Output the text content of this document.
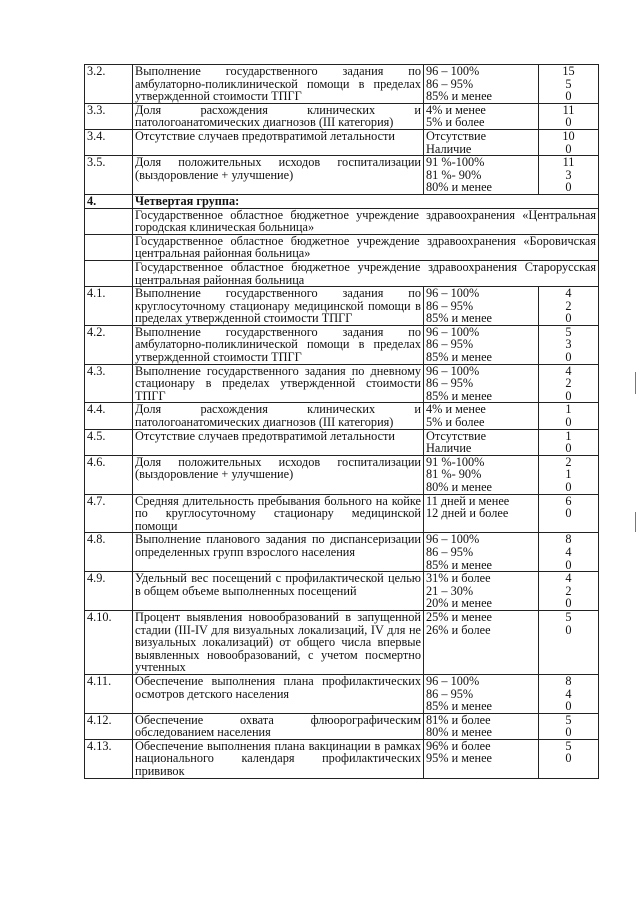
3.2.	Выполнение государственного задания по амбулаторно-поликлинической помощи в пределах утвержденной стоимости ТПГГ	96 – 100%
86 – 95%
85% и менее	15
5
0

3.3.	Доля расхождения клинических и патологоанатомических диагнозов (III категория)	4% и менее
5% и более	11
0

3.4.	Отсутствие случаев предотвратимой летальности	Отсутствие
Наличие	10
0

3.5.	Доля положительных исходов госпитализации (выздоровление + улучшение)	91 %-100%
81 %- 90%
80% и менее	11
3
0

4.	Четвертая группа:		

	Государственное областное бюджетное учреждение здравоохранения «Центральная городская клиническая больница»		

	Государственное областное бюджетное учреждение здравоохранения «Боровичская центральная районная больница»		

	Государственное областное бюджетное учреждение здравоохранения Старорусская центральная районная больница		

4.1.	Выполнение государственного задания по круглосуточному стационару медицинской помощи в пределах утвержденной стоимости ТПГГ	96 – 100%
86 – 95%
85% и менее	4
2
0

4.2.	Выполнение государственного задания по амбулаторно-поликлинической помощи в пределах утвержденной стоимости ТПГГ	96 – 100%
86 – 95%
85% и менее	5
3
0

4.3.	Выполнение государственного задания по дневному стационару в пределах утвержденной стоимости ТПГГ	96 – 100%
86 – 95%
85% и менее	4
2
0

4.4.	Доля расхождения клинических и патологоанатомических диагнозов (III категория)	4% и менее
5% и более	1
0

4.5.	Отсутствие случаев предотвратимой летальности	Отсутствие
Наличие	1
0

4.6.	Доля положительных исходов госпитализации (выздоровление + улучшение)	91 %-100%
81 %- 90%
80% и менее	2
1
0

4.7.	Средняя длительность пребывания больного на койке по круглосуточному стационару медицинской помощи	11 дней и менее
12 дней и более	6
0

4.8.	Выполнение планового задания по диспансеризации определенных групп взрослого населения	96 – 100%
86 – 95%
85% и менее	8
4
0

4.9.	Удельный вес посещений с профилактической целью в общем объеме выполненных посещений	31% и более
21 – 30%
20% и менее	4
2
0

4.10.	Процент выявления новообразований в запущенной стадии (III-IV для визуальных локализаций, IV для не визуальных локализаций) от общего числа впервые выявленных новообразований, с учетом посмертно учтенных	25% и менее
26% и более	5
0

4.11.	Обеспечение выполнения плана профилактических осмотров детского населения	96 – 100%
86 – 95%
85% и менее	8
4
0

4.12.	Обеспечение охвата флюорографическим обследованием населения	81% и более
80% и менее	5
0

4.13.	Обеспечение выполнения плана вакцинации в рамках национального календаря профилактических прививок	96% и более
95% и менее	5
0
